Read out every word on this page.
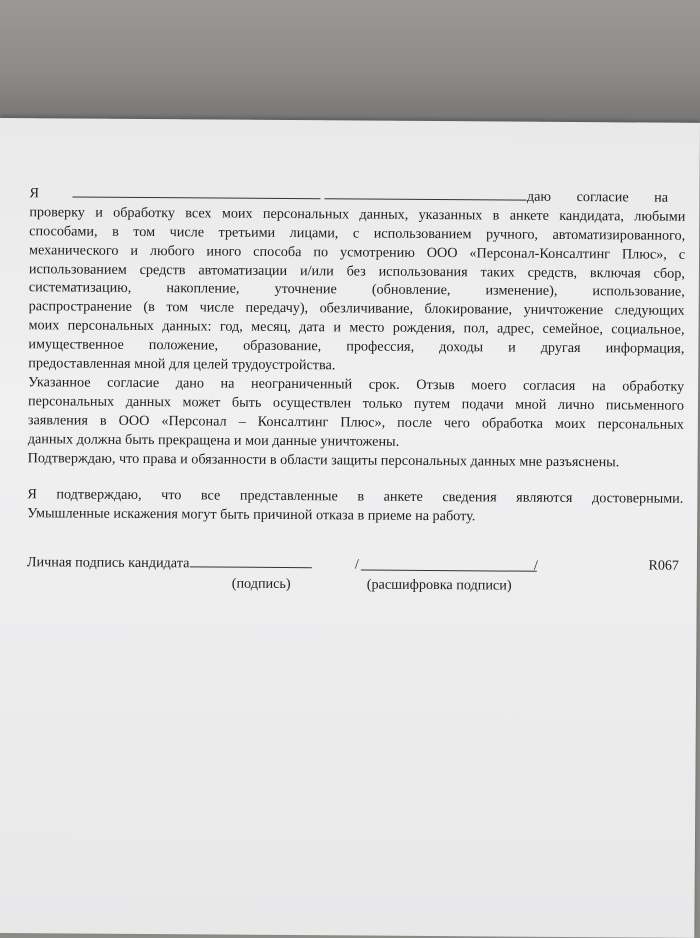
Я	даю согласие на
проверку и обработку всех моих персональных данных, указанных в анкете кандидата, любыми
способами, в том числе третьими лицами, с использованием ручного, автоматизированного,
механического и любого иного способа по усмотрению ООО «Персонал-Консалтинг Плюс», с
использованием средств автоматизации и/или без использования таких средств, включая сбор,
систематизацию, накопление, уточнение (обновление, изменение), использование,
распространение (в том числе передачу), обезличивание, блокирование, уничтожение следующих
моих персональных данных: год, месяц, дата и место рождения, пол, адрес, семейное, социальное,
имущественное положение, образование, профессия, доходы и другая информация,
предоставленная мной для целей трудоустройства.
Указанное согласие дано на неограниченный срок. Отзыв моего согласия на обработку
персональных данных может быть осуществлен только путем подачи мной лично письменного
заявления в ООО «Персонал – Консалтинг Плюс», после чего обработка моих персональных
данных должна быть прекращена и мои данные уничтожены.
Подтверждаю, что права и обязанности в области защиты персональных данных мне разъяснены.
Я подтверждаю, что все представленные в анкете сведения являются достоверными.
Умышленные искажения могут быть причиной отказа в приеме на работу.
Личная подпись кандидата	/	/
(подпись)	(расшифровка подписи)
R067
